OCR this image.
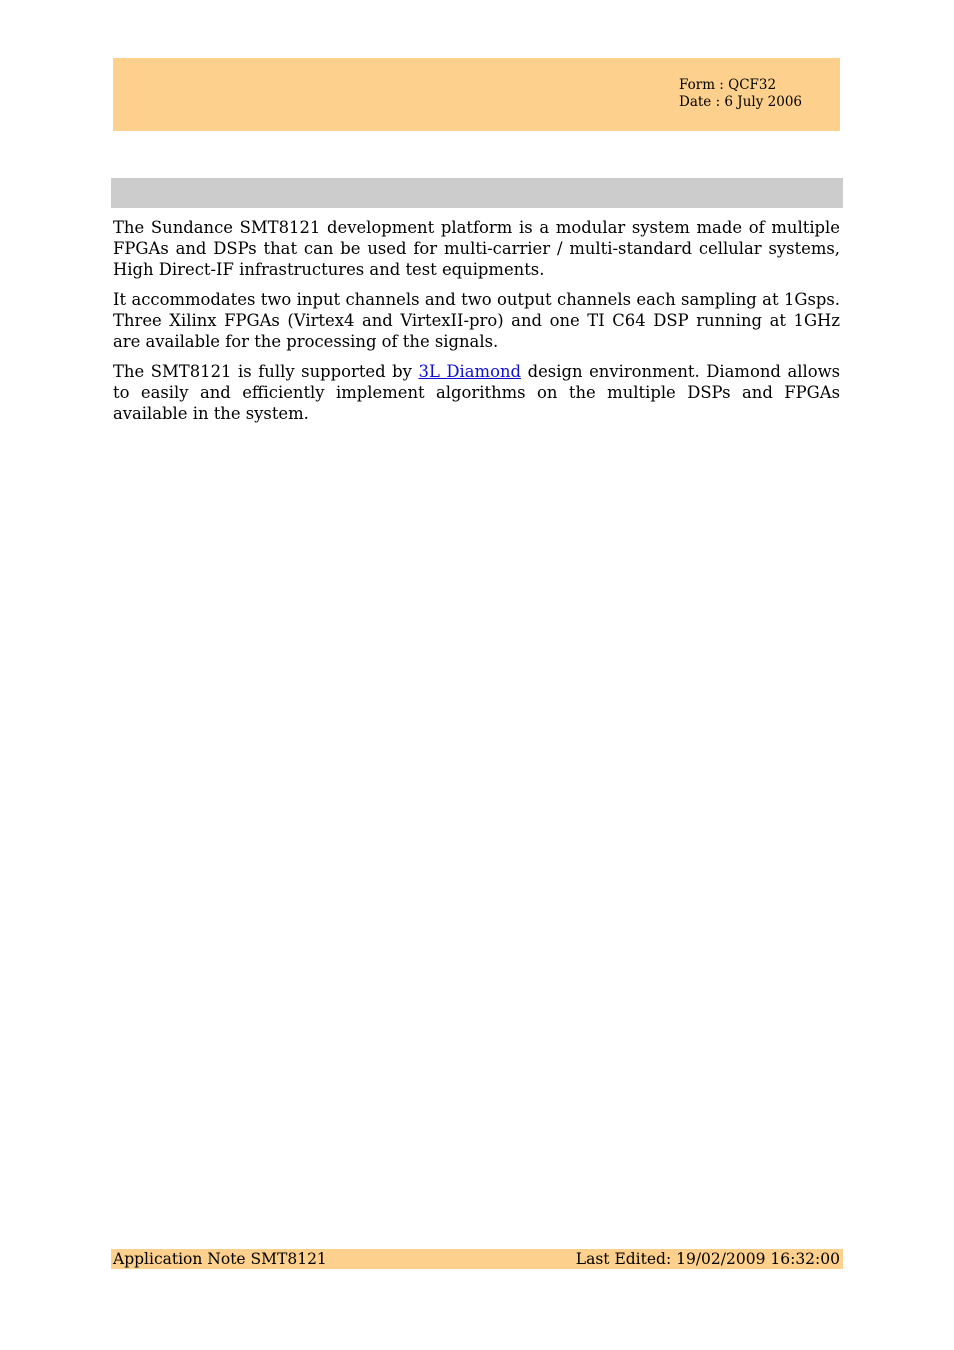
Form : QCF32
Date : 6 July 2006

The Sundance SMT8121 development platform is a modular system made of multiple FPGAs and DSPs that can be used for multi-carrier / multi-standard cellular systems, High Direct-IF infrastructures and test equipments.

It accommodates two input channels and two output channels each sampling at 1Gsps. Three Xilinx FPGAs (Virtex4 and VirtexII-pro) and one TI C64 DSP running at 1GHz are available for the processing of the signals.

The SMT8121 is fully supported by 3L Diamond design environment. Diamond allows to easily and efficiently implement algorithms on the multiple DSPs and FPGAs available in the system.

Application Note SMT8121	Last Edited: 19/02/2009 16:32:00
